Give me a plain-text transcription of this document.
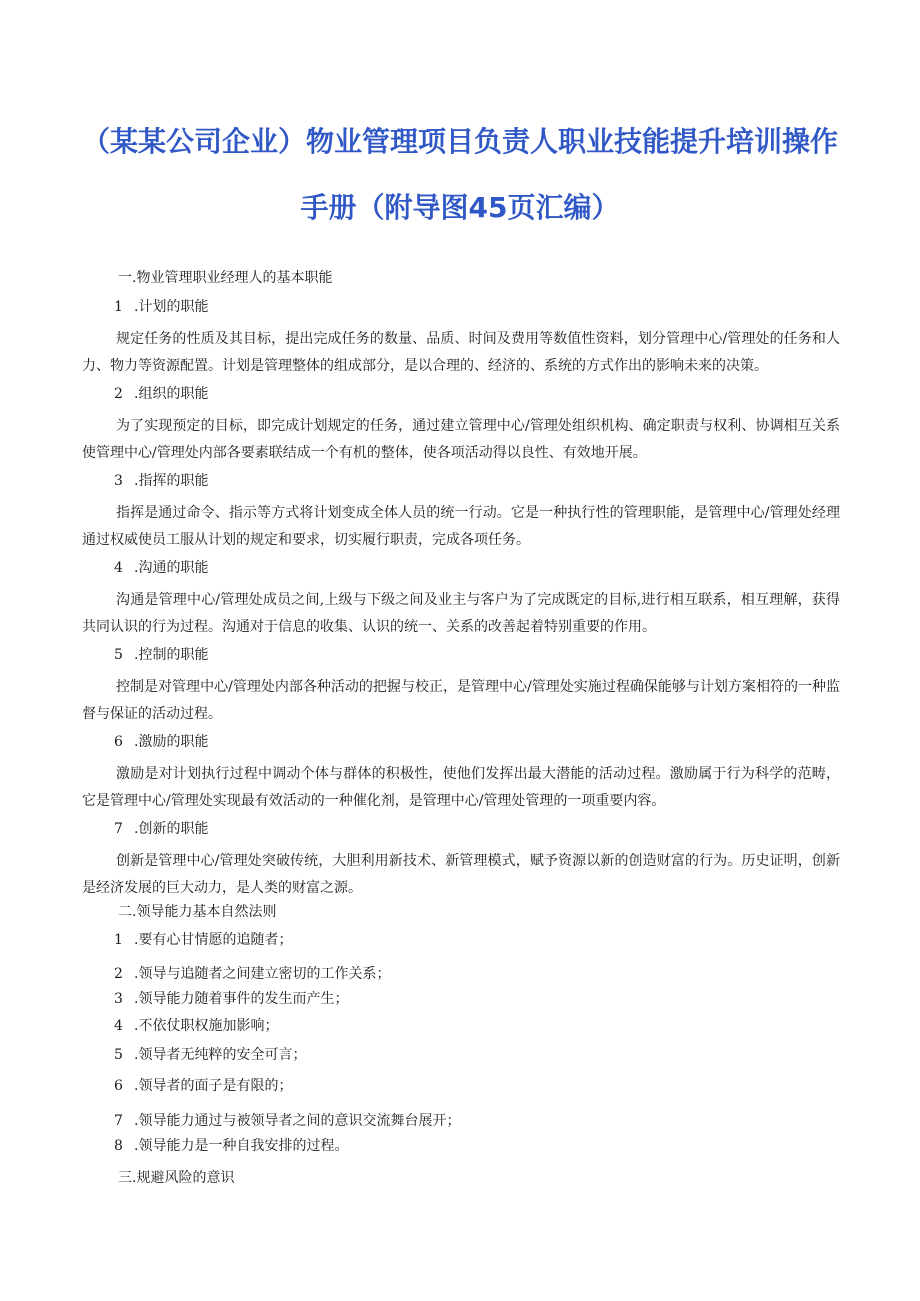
（某某公司企业）物业管理项目负责人职业技能提升培训操作
手册（附导图45页汇编）
一.物业管理职业经理人的基本职能
1 .计划的职能
规定任务的性质及其目标，提出完成任务的数量、品质、时间及费用等数值性资料，划分管理中心/管理处的任务和人力、物力等资源配置。计划是管理整体的组成部分，是以合理的、经济的、系统的方式作出的影响未来的决策。
2 .组织的职能
为了实现预定的目标，即完成计划规定的任务，通过建立管理中心/管理处组织机构、确定职责与权利、协调相互关系使管理中心/管理处内部各要素联结成一个有机的整体，使各项活动得以良性、有效地开展。
3 .指挥的职能
指挥是通过命令、指示等方式将计划变成全体人员的统一行动。它是一种执行性的管理职能，是管理中心/管理处经理通过权威使员工服从计划的规定和要求，切实履行职责，完成各项任务。
4 .沟通的职能
沟通是管理中心/管理处成员之间,上级与下级之间及业主与客户为了完成既定的目标,进行相互联系，相互理解，获得共同认识的行为过程。沟通对于信息的收集、认识的统一、关系的改善起着特别重要的作用。
5 .控制的职能
控制是对管理中心/管理处内部各种活动的把握与校正，是管理中心/管理处实施过程确保能够与计划方案相符的一种监督与保证的活动过程。
6 .激励的职能
激励是对计划执行过程中调动个体与群体的积极性，使他们发挥出最大潜能的活动过程。激励属于行为科学的范畴，它是管理中心/管理处实现最有效活动的一种催化剂，是管理中心/管理处管理的一项重要内容。
7 .创新的职能
创新是管理中心/管理处突破传统，大胆利用新技术、新管理模式，赋予资源以新的创造财富的行为。历史证明，创新是经济发展的巨大动力，是人类的财富之源。
二.领导能力基本自然法则
1 .要有心甘情愿的追随者；
2 .领导与追随者之间建立密切的工作关系；
3 .领导能力随着事件的发生而产生；
4 .不依仗职权施加影响；
5 .领导者无纯粹的安全可言；
6 .领导者的面子是有限的；
7 .领导能力通过与被领导者之间的意识交流舞台展开；
8 .领导能力是一种自我安排的过程。
三.规避风险的意识
